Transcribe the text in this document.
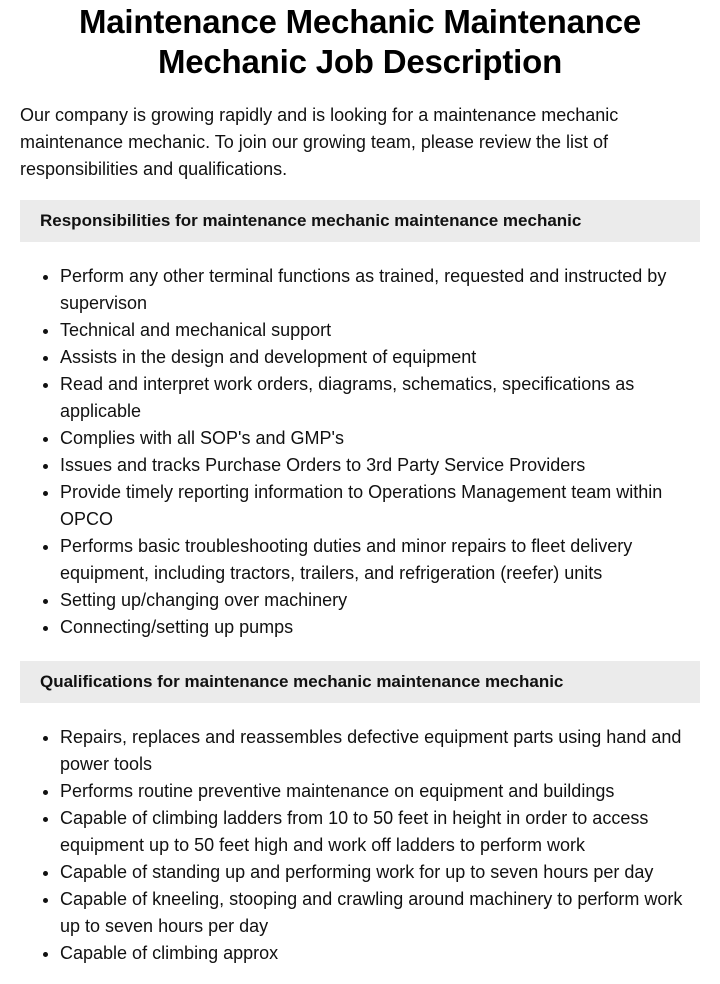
Maintenance Mechanic Maintenance Mechanic Job Description

Our company is growing rapidly and is looking for a maintenance mechanic maintenance mechanic. To join our growing team, please review the list of responsibilities and qualifications.

Responsibilities for maintenance mechanic maintenance mechanic
• Perform any other terminal functions as trained, requested and instructed by supervison
• Technical and mechanical support
• Assists in the design and development of equipment
• Read and interpret work orders, diagrams, schematics, specifications as applicable
• Complies with all SOP's and GMP's
• Issues and tracks Purchase Orders to 3rd Party Service Providers
• Provide timely reporting information to Operations Management team within OPCO
• Performs basic troubleshooting duties and minor repairs to fleet delivery equipment, including tractors, trailers, and refrigeration (reefer) units
• Setting up/changing over machinery
• Connecting/setting up pumps
Qualifications for maintenance mechanic maintenance mechanic
• Repairs, replaces and reassembles defective equipment parts using hand and power tools
• Performs routine preventive maintenance on equipment and buildings
• Capable of climbing ladders from 10 to 50 feet in height in order to access equipment up to 50 feet high and work off ladders to perform work
• Capable of standing up and performing work for up to seven hours per day
• Capable of kneeling, stooping and crawling around machinery to perform work up to seven hours per day
• Capable of climbing approx
